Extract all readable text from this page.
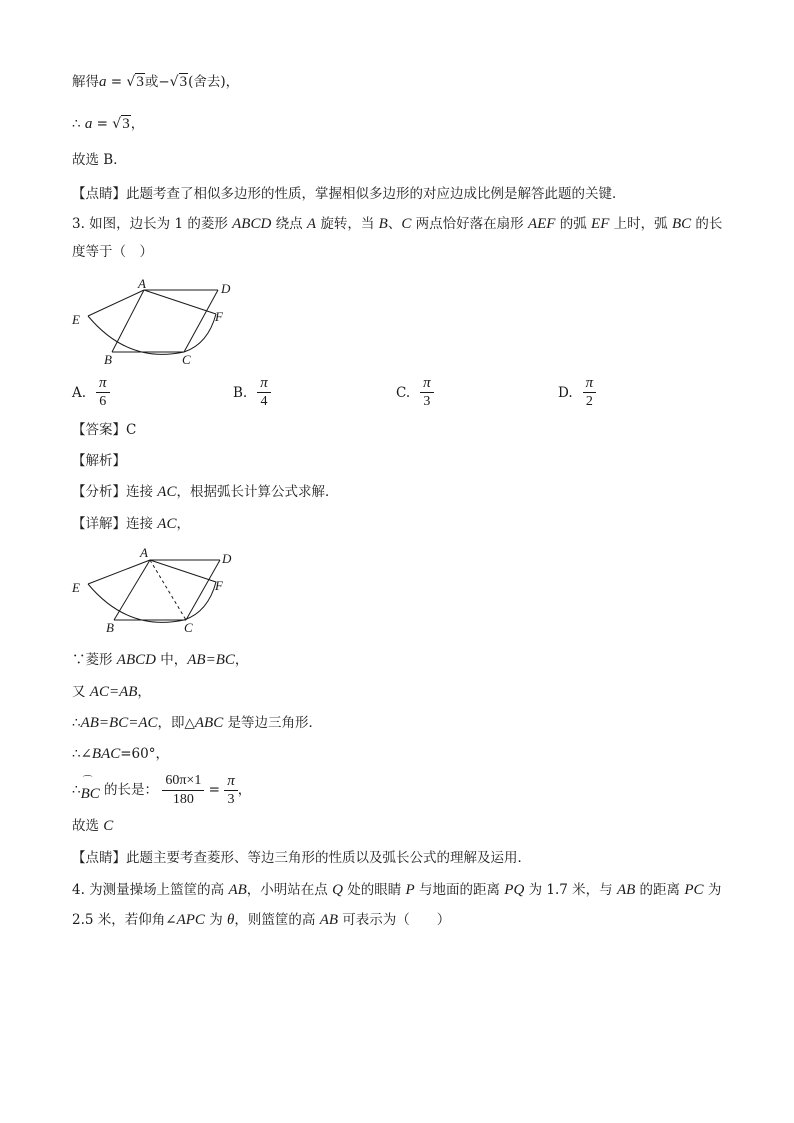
解得a = √3或−√3(舍去)，
∴ a = √3，
故选 B．
【点睛】此题考查了相似多边形的性质，掌握相似多边形的对应边成比例是解答此题的关键．
3. 如图，边长为 1 的菱形 ABCD 绕点 A 旋转，当 B、C 两点恰好落在扇形 AEF 的弧 EF 上时，弧 BC 的长
度等于（　）
A
B	C
D
E	F
A. $\frac{\pi}{6}$	B. $\frac{\pi}{4}$	C. $\frac{\pi}{3}$	D. $\frac{\pi}{2}$
【答案】C
【解析】
【分析】连接 AC，根据弧长计算公式求解．
【详解】连接 AC，
A
B	C
D
E	F
∵菱形 ABCD 中，AB=BC，
又 AC=AB，
∴AB=BC=AC，即△ABC 是等边三角形．
∴∠BAC=60°，
∴
⌒
BC 的长是： $\frac{60\pi\times 1}{180} = \frac{\pi}{3}$ ，
故选 C
【点睛】此题主要考查菱形、等边三角形的性质以及弧长公式的理解及运用．
4. 为测量操场上篮筐的高 AB，小明站在点 Q 处的眼睛 P 与地面的距离 PQ 为 1.7 米，与 AB 的距离 PC 为
2.5 米，若仰角∠APC 为 θ，则篮筐的高 AB 可表示为（　　）
